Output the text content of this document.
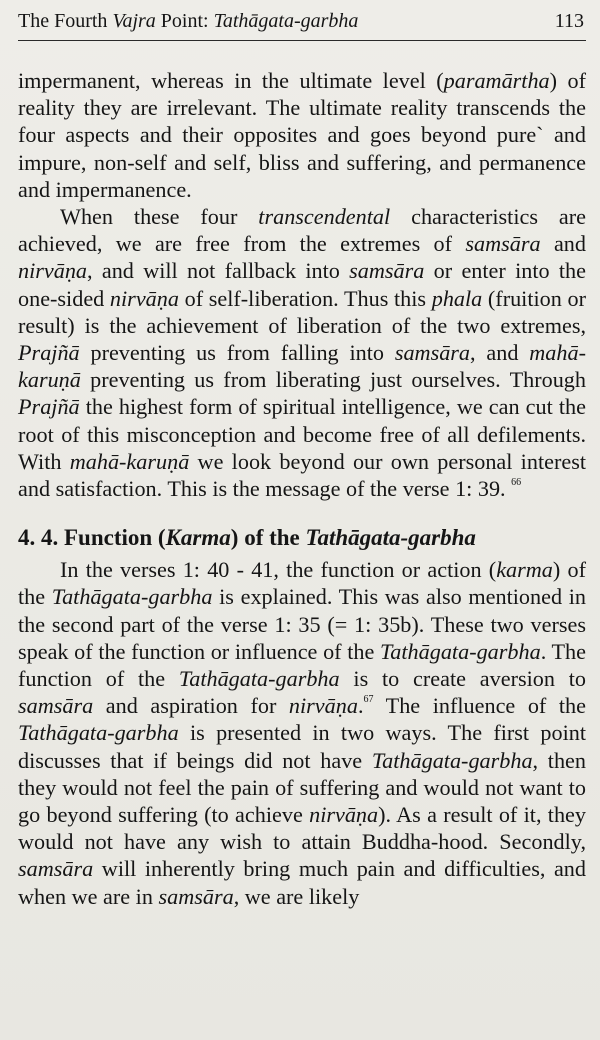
The Fourth Vajra Point: Tathāgata-garbha	113

impermanent, whereas in the ultimate level (paramārtha) of reality they are irrelevant. The ultimate reality transcends the four aspects and their opposites and goes beyond pure` and impure, non-self and self, bliss and suffering, and permanence and impermanence.

When these four transcendental characteristics are achieved, we are free from the extremes of samsāra and nirvāṇa, and will not fallback into samsāra or enter into the one-sided nirvāṇa of self-liberation. Thus this phala (fruition or result) is the achievement of liberation of the two extremes, Prajñā preventing us from falling into samsāra, and mahā-karuṇā preventing us from liberating just ourselves. Through Prajñā the highest form of spiritual intelligence, we can cut the root of this misconception and become free of all defilements. With mahā-karuṇā we look beyond our own personal interest and satisfaction. This is the message of the verse 1: 39. $^{66}$

4. 4. Function (Karma) of the Tathāgata-garbha

In the verses 1: 40 - 41, the function or action (karma) of the Tathāgata-garbha is explained. This was also mentioned in the second part of the verse 1: 35 (= 1: 35b). These two verses speak of the function or influence of the Tathāgata-garbha. The function of the Tathāgata-garbha is to create aversion to samsāra and aspiration for nirvāṇa.$^{67}$ The influence of the Tathāgata-garbha is presented in two ways. The first point discusses that if beings did not have Tathāgata-garbha, then they would not feel the pain of suffering and would not want to go beyond suffering (to achieve nirvāṇa). As a result of it, they would not have any wish to attain Buddha-hood. Secondly, samsāra will inherently bring much pain and difficulties, and when we are in samsāra, we are likely
